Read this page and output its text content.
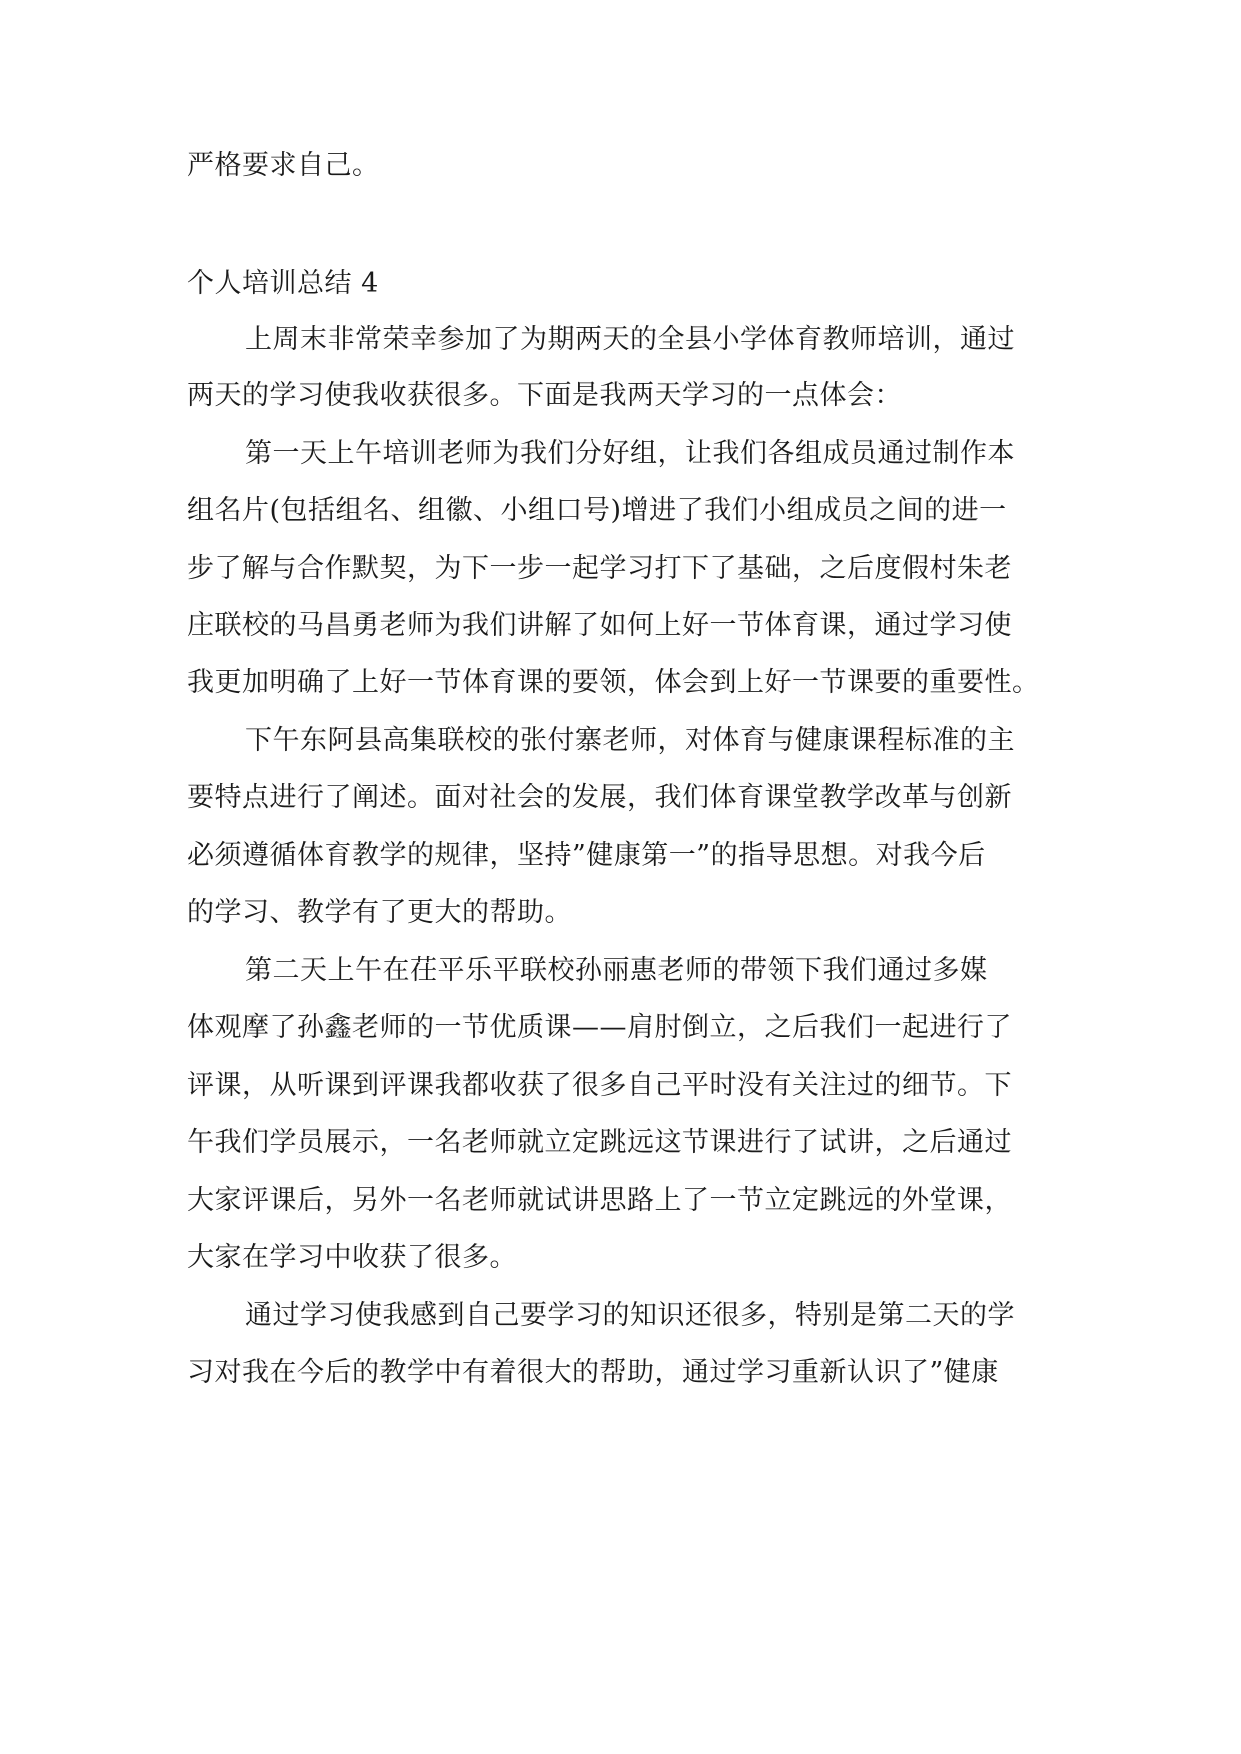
严格要求自己。
个人培训总结 4
上周末非常荣幸参加了为期两天的全县小学体育教师培训，通过
两天的学习使我收获很多。下面是我两天学习的一点体会：
第一天上午培训老师为我们分好组，让我们各组成员通过制作本
组名片(包括组名、组徽、小组口号)增进了我们小组成员之间的进一
步了解与合作默契，为下一步一起学习打下了基础，之后度假村朱老
庄联校的马昌勇老师为我们讲解了如何上好一节体育课，通过学习使
我更加明确了上好一节体育课的要领，体会到上好一节课要的重要性。
下午东阿县高集联校的张付寨老师，对体育与健康课程标准的主
要特点进行了阐述。面对社会的发展，我们体育课堂教学改革与创新
必须遵循体育教学的规律，坚持”健康第一”的指导思想。对我今后
的学习、教学有了更大的帮助。
第二天上午在茌平乐平联校孙丽惠老师的带领下我们通过多媒
体观摩了孙鑫老师的一节优质课——肩肘倒立，之后我们一起进行了
评课，从听课到评课我都收获了很多自己平时没有关注过的细节。下
午我们学员展示，一名老师就立定跳远这节课进行了试讲，之后通过
大家评课后，另外一名老师就试讲思路上了一节立定跳远的外堂课，
大家在学习中收获了很多。
通过学习使我感到自己要学习的知识还很多，特别是第二天的学
习对我在今后的教学中有着很大的帮助，通过学习重新认识了”健康
